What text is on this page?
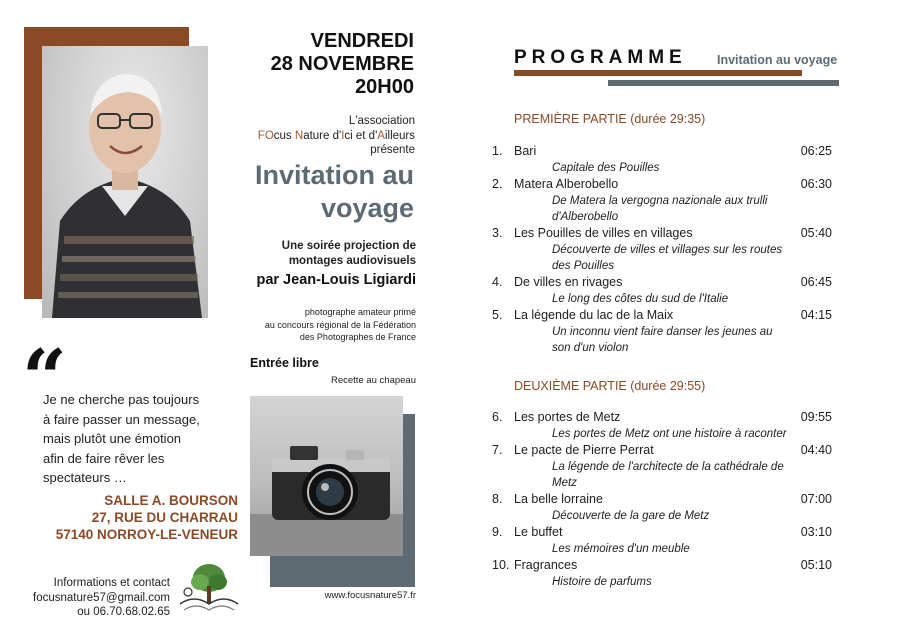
“
Je ne cherche pas toujours
à faire passer un message,
mais plutôt une émotion
afin de faire rêver les
spectateurs …
SALLE A. BOURSON
27, RUE DU CHARRAU
57140 NORROY-LE-VENEUR
Informations et contact
focusnature57@gmail.com
ou 06.70.68.02.65
VENDREDI
28 NOVEMBRE
20H00
L'association
FOcus Nature d'Ici et d'Ailleurs
présente
Invitation au
voyage
Une soirée projection de
montages audiovisuels
par Jean-Louis Ligiardi
photographe amateur primé
au concours régional de la Fédération
des Photographes de France
Entrée libre
Recette au chapeau
www.focusnature57.fr
PROGRAMME Invitation au voyage
PREMIÈRE PARTIE (durée 29:35)
1. Bari	06:25
Capitale des Pouilles
2. Matera Alberobello	06:30
De Matera la vergogna nazionale aux trulli d'Alberobello
3. Les Pouilles de villes en villages	05:40
Découverte de villes et villages sur les routes des Pouilles
4. De villes en rivages	06:45
Le long des côtes du sud de l'Italie
5. La légende du lac de la Maix	04:15
Un inconnu vient faire danser les jeunes au son d'un violon
DEUXIÈME PARTIE (durée 29:55)
6. Les portes de Metz	09:55
Les portes de Metz ont une histoire à raconter
7. Le pacte de Pierre Perrat	04:40
La légende de l'architecte de la cathédrale de Metz
8. La belle lorraine	07:00
Découverte de la gare de Metz
9. Le buffet	03:10
Les mémoires d'un meuble
10. Fragrances	05:10
Histoire de parfums
